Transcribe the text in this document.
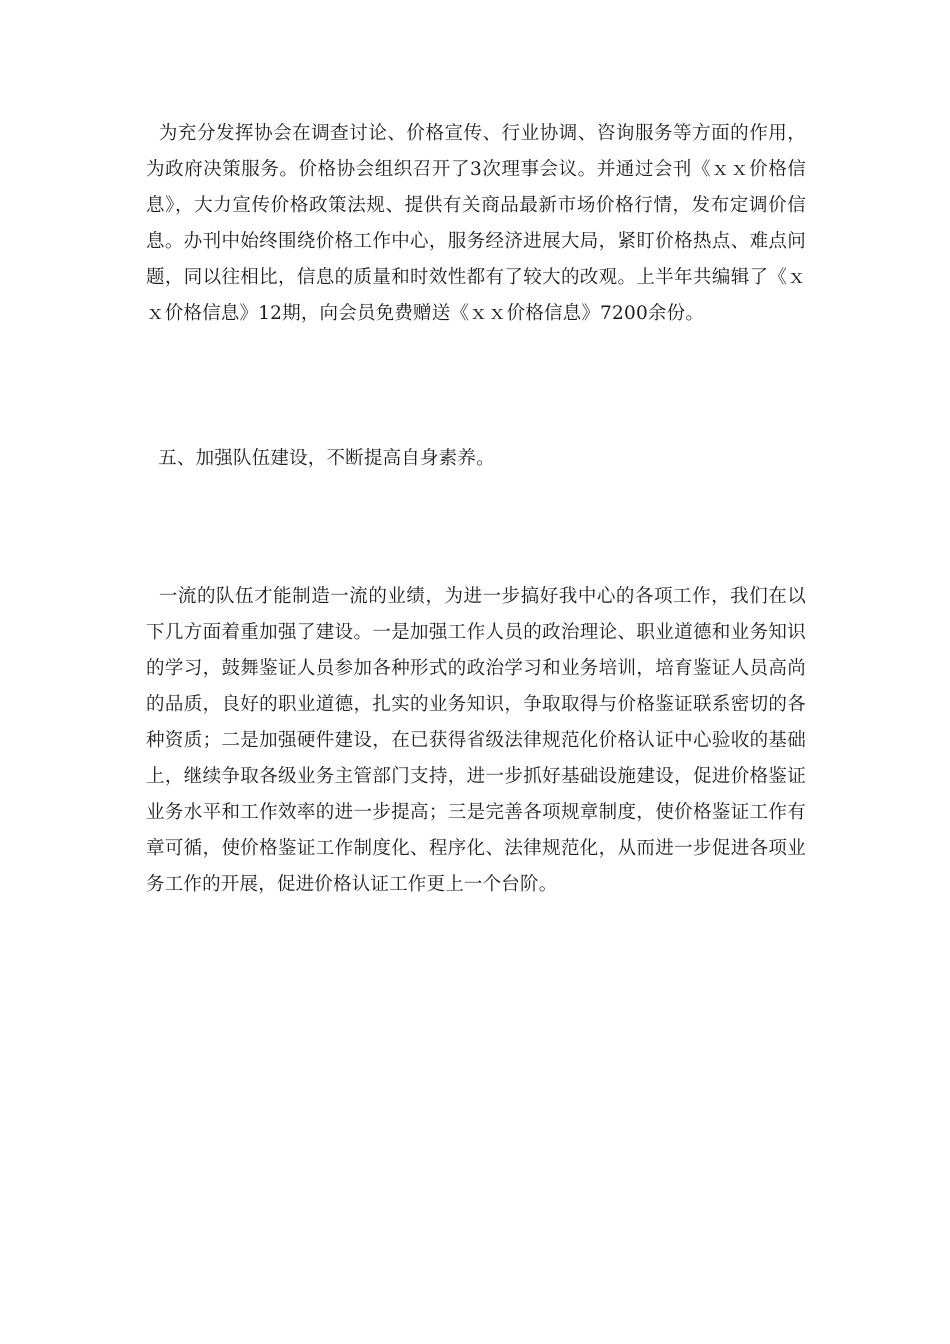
为充分发挥协会在调查讨论、价格宣传、行业协调、咨询服务等方面的作用，为政府决策服务。价格协会组织召开了3次理事会议。并通过会刊《ｘｘ价格信息》，大力宣传价格政策法规、提供有关商品最新市场价格行情，发布定调价信息。办刊中始终围绕价格工作中心，服务经济进展大局，紧盯价格热点、难点问题，同以往相比，信息的质量和时效性都有了较大的改观。上半年共编辑了《ｘｘ价格信息》12期，向会员免费赠送《ｘｘ价格信息》7200余份。

五、加强队伍建设，不断提高自身素养。

一流的队伍才能制造一流的业绩，为进一步搞好我中心的各项工作，我们在以下几方面着重加强了建设。一是加强工作人员的政治理论、职业道德和业务知识的学习，鼓舞鉴证人员参加各种形式的政治学习和业务培训，培育鉴证人员高尚的品质，良好的职业道德，扎实的业务知识，争取取得与价格鉴证联系密切的各种资质；二是加强硬件建设，在已获得省级法律规范化价格认证中心验收的基础上，继续争取各级业务主管部门支持，进一步抓好基础设施建设，促进价格鉴证业务水平和工作效率的进一步提高；三是完善各项规章制度，使价格鉴证工作有章可循，使价格鉴证工作制度化、程序化、法律规范化，从而进一步促进各项业务工作的开展，促进价格认证工作更上一个台阶。
